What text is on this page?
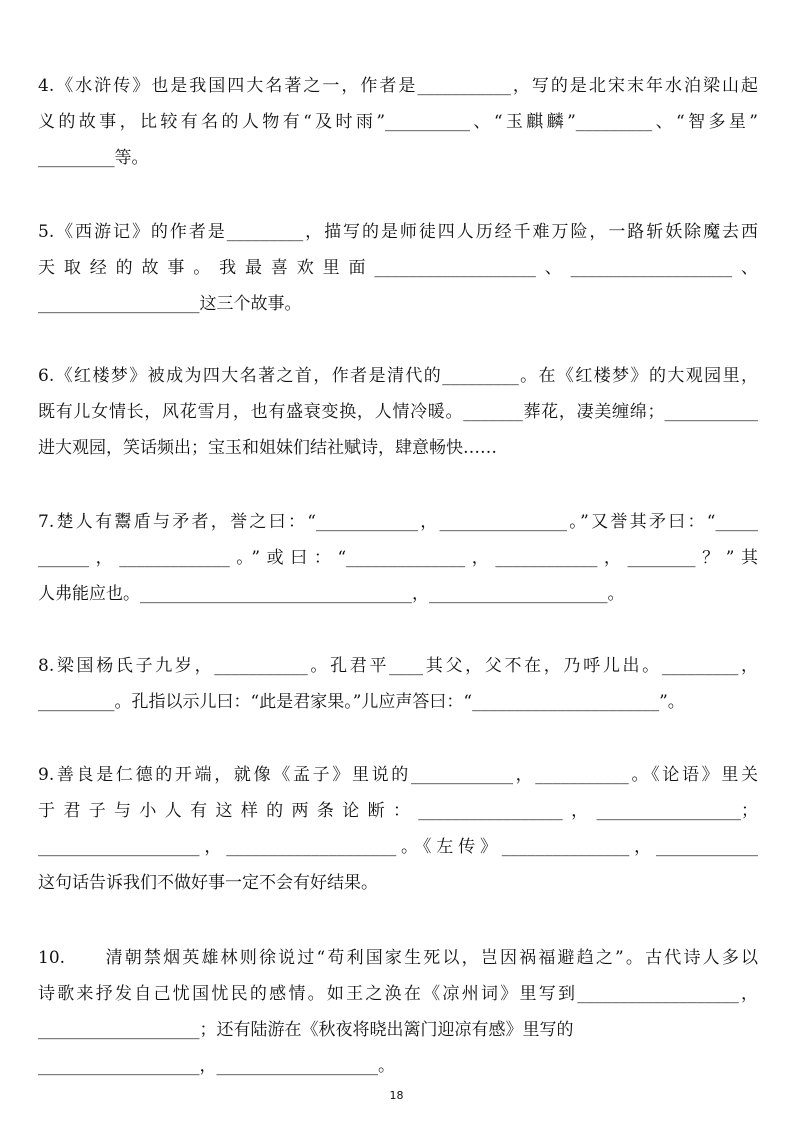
4.《水浒传》也是我国四大名著之一，作者是___________，写的是北宋末年水泊梁山起
义的故事，比较有名的人物有“及时雨”__________、“玉麒麟”_________、“智多星”
_________等。
5.《西游记》的作者是_________，描写的是师徒四人历经千难万险，一路斩妖除魔去西
天取经的故事。我最喜欢里面___________________、___________________、
___________________这三个故事。
6.《红楼梦》被成为四大名著之首，作者是清代的_________。在《红楼梦》的大观园里，
既有儿女情长，风花雪月，也有盛衰变换，人情冷暖。_______葬花，凄美缠绵；___________
进大观园，笑话频出；宝玉和姐妹们结社赋诗，肆意畅快……
7.楚人有鬻盾与矛者，誉之曰：“____________，_______________。”又誉其矛曰：“_____
______，_____________。”或曰：“______________，____________，________？”其
人弗能应也。________________________________，_____________________。
8.梁国杨氏子九岁，___________。孔君平____其父，父不在，乃呼儿出。_________，
_________。孔指以示儿曰：“此是君家果。”儿应声答曰：“______________________”。
9.善良是仁德的开端，就像《孟子》里说的____________，___________。《论语》里关
于君子与小人有这样的两条论断：_________________，_________________；
___________________，____________________。《左传》_______________，____________
这句话告诉我们不做好事一定不会有好结果。
10.　　清朝禁烟英雄林则徐说过“苟利国家生死以，岂因祸福避趋之”。古代诗人多以
诗歌来抒发自己忧国忧民的感情。如王之涣在《凉州词》里写到___________________，
___________________；还有陆游在《秋夜将晓出篱门迎凉有感》里写的
___________________，___________________。
18
